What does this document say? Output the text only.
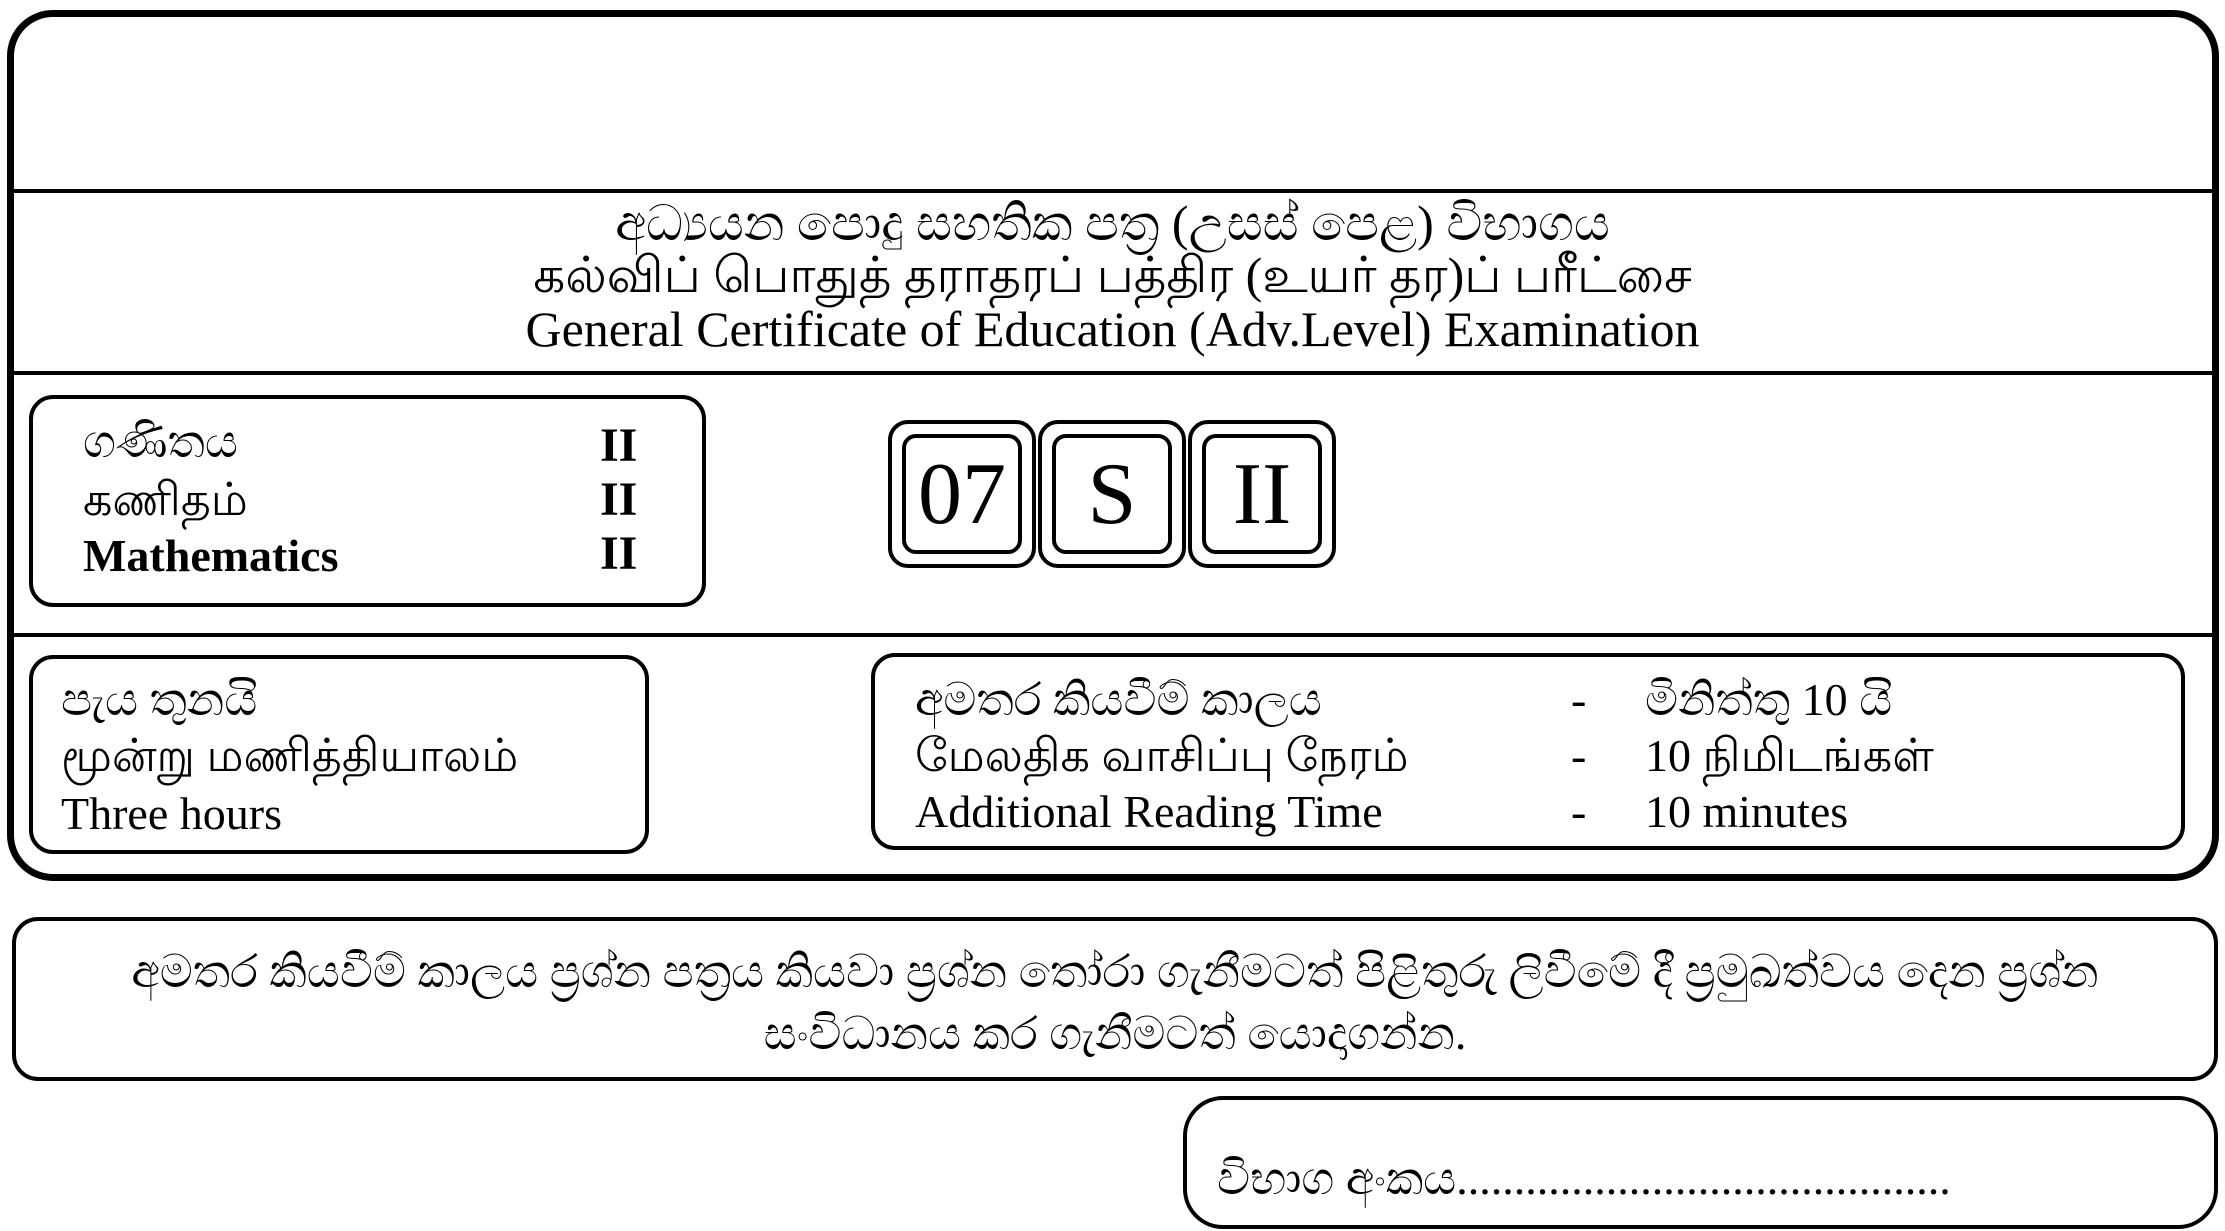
අධ්‍යයන පොදු සහතික පත්‍ර (උසස් පෙළ) විභාගය
கல்விப் பொதுத் தராதரப் பத்திர (உயர் தர)ப் பரீட்சை
General Certificate of Education (Adv.Level) Examination
ගණිතය	II
கணிதம்	II
Mathematics	II
07 S	II
පැය තුනයි
மூன்று மணித்தியாலம்
Three hours
අමතර කියවීම් කාලය	- මිනිත්තු 10 යි
மேலதிக வாசிப்பு நேரம்	- 10 நிமிடங்கள்
Additional Reading Time	- 10 minutes
අමතර කියවීම් කාලය ප්‍රශ්න පත්‍රය කියවා ප්‍රශ්න තෝරා ගැනීමටත් පිළිතුරු ලිවීමේ දී ප්‍රමුඛත්වය දෙන ප්‍රශ්න
සංවිධානය කර ගැනීමටත් යොදාගන්න.
විභාග අංකය...........................................
